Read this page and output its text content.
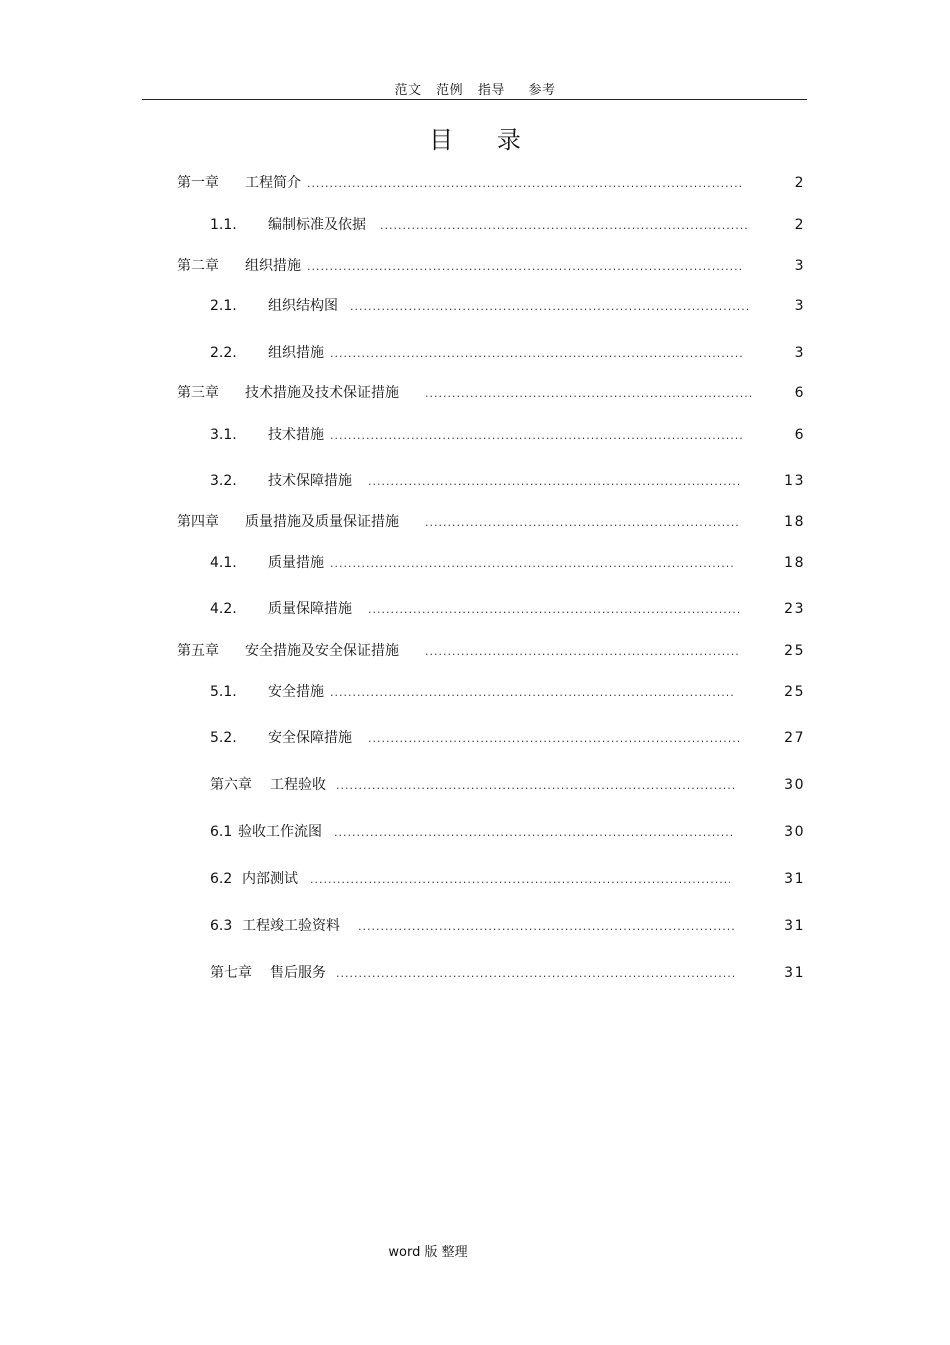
范文 范例 指导 参考
目 录
第一章	工程简介 .....	2
1.1.	编制标准及依据 .....	2
第二章	组织措施 .....	3
2.1.	组织结构图 .....	3
2.2.	组织措施 .....	3
第三章	技术措施及技术保证措施 .....	6
3.1.	技术措施 .....	6
3.2.	技术保障措施 .....	13
第四章	质量措施及质量保证措施 .....	18
4.1.	质量措施 .....	18
4.2.	质量保障措施 .....	23
第五章	安全措施及安全保证措施 .....	25
5.1.	安全措施 .....	25
5.2.	安全保障措施 .....	27
第六章	工程验收 .....	30
6.1 验收工作流图 .....	30
6.2 内部测试 .....	31
6.3 工程竣工验资料 .....	31
第七章	售后服务 .....	31
word 版 整理
